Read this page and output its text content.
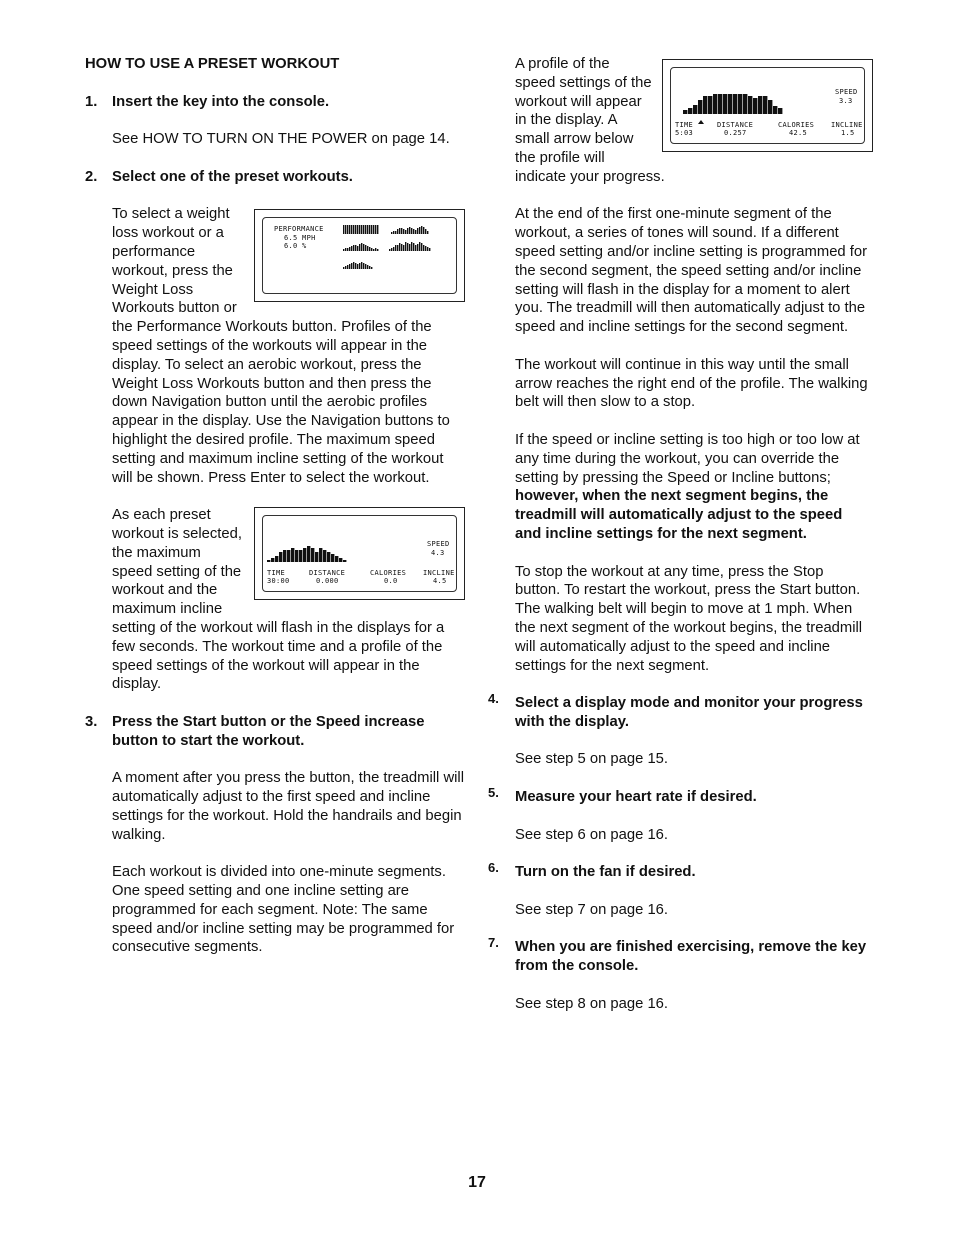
HOW TO USE A PRESET WORKOUT

1. Insert the key into the console.

See HOW TO TURN ON THE POWER on page 14.

2. Select one of the preset workouts.

PERFORMANCE
6.5 MPH
6.0 %

To select a weight loss workout or a performance workout, press the Weight Loss Workouts button or the Performance Workouts button. Profiles of the speed settings of the workouts will appear in the display. To select an aerobic workout, press the Weight Loss Workouts button and then press the down Navigation button until the aerobic profiles appear in the display. Use the Navigation buttons to highlight the desired profile. The maximum speed setting and maximum incline setting of the workout will be shown. Press Enter to select the workout.

SPEED
4.3
TIME
30:00
DISTANCE
0.000
CALORIES
0.0
INCLINE
4.5

As each preset workout is selected, the maximum speed setting of the workout and the maximum incline setting of the workout will flash in the displays for a few seconds. The workout time and a profile of the speed settings of the workout will appear in the display.

3. Press the Start button or the Speed increase button to start the workout.

A moment after you press the button, the treadmill will automatically adjust to the first speed and incline settings for the workout. Hold the handrails and begin walking.

Each workout is divided into one-minute segments. One speed setting and one incline setting are programmed for each segment. Note: The same speed and/or incline setting may be programmed for consecutive segments.

SPEED
3.3
TIME
5:03
DISTANCE
0.257
CALORIES
42.5
INCLINE
1.5

A profile of the speed settings of the workout will appear in the display. A small arrow below the profile will indicate your progress.

At the end of the first one-minute segment of the workout, a series of tones will sound. If a different speed setting and/or incline setting is programmed for the second segment, the speed setting and/or incline setting will flash in the display for a moment to alert you. The treadmill will then automatically adjust to the speed and incline settings for the second segment.

The workout will continue in this way until the small arrow reaches the right end of the profile. The walking belt will then slow to a stop.

If the speed or incline setting is too high or too low at any time during the workout, you can override the setting by pressing the Speed or Incline buttons; however, when the next segment begins, the treadmill will automatically adjust to the speed and incline settings for the next segment.

To stop the workout at any time, press the Stop button. To restart the workout, press the Start button. The walking belt will begin to move at 1 mph. When the next segment of the workout begins, the treadmill will automatically adjust to the speed and incline settings for the next segment.

4. Select a display mode and monitor your progress with the display.

See step 5 on page 15.

5. Measure your heart rate if desired.

See step 6 on page 16.

6. Turn on the fan if desired.

See step 7 on page 16.

7. When you are finished exercising, remove the key from the console.

See step 8 on page 16.

17
